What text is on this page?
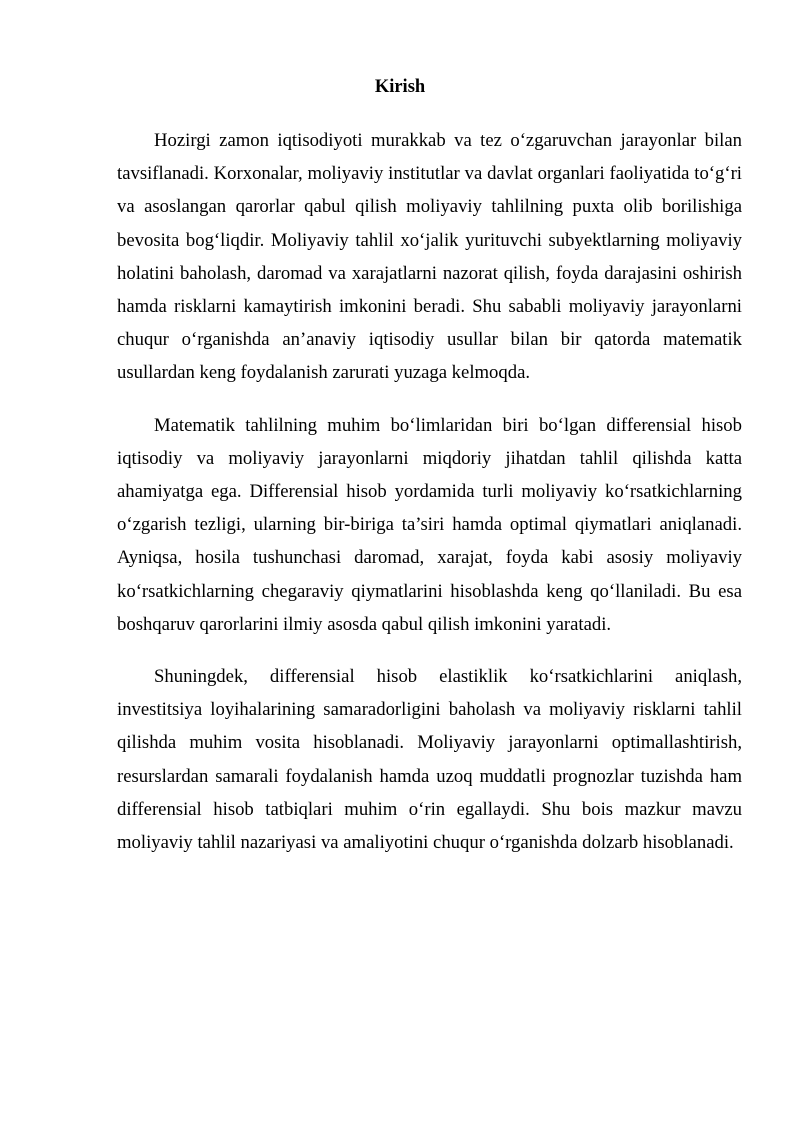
Kirish

Hozirgi zamon iqtisodiyoti murakkab va tez o‘zgaruvchan jarayonlar bilan tavsiflanadi. Korxonalar, moliyaviy institutlar va davlat organlari faoliyatida to‘g‘ri va asoslangan qarorlar qabul qilish moliyaviy tahlilning puxta olib borilishiga bevosita bog‘liqdir. Moliyaviy tahlil xo‘jalik yurituvchi subyektlarning moliyaviy holatini baholash, daromad va xarajatlarni nazorat qilish, foyda darajasini oshirish hamda risklarni kamaytirish imkonini beradi. Shu sababli moliyaviy jarayonlarni chuqur o‘rganishda an’anaviy iqtisodiy usullar bilan bir qatorda matematik usullardan keng foydalanish zarurati yuzaga kelmoqda.

Matematik tahlilning muhim bo‘limlaridan biri bo‘lgan differensial hisob iqtisodiy va moliyaviy jarayonlarni miqdoriy jihatdan tahlil qilishda katta ahamiyatga ega. Differensial hisob yordamida turli moliyaviy ko‘rsatkichlarning o‘zgarish tezligi, ularning bir-biriga ta’siri hamda optimal qiymatlari aniqlanadi. Ayniqsa, hosila tushunchasi daromad, xarajat, foyda kabi asosiy moliyaviy ko‘rsatkichlarning chegaraviy qiymatlarini hisoblashda keng qo‘llaniladi. Bu esa boshqaruv qarorlarini ilmiy asosda qabul qilish imkonini yaratadi.

Shuningdek, differensial hisob elastiklik ko‘rsatkichlarini aniqlash, investitsiya loyihalarining samaradorligini baholash va moliyaviy risklarni tahlil qilishda muhim vosita hisoblanadi. Moliyaviy jarayonlarni optimallashtirish, resurslardan samarali foydalanish hamda uzoq muddatli prognozlar tuzishda ham differensial hisob tatbiqlari muhim o‘rin egallaydi. Shu bois mazkur mavzu moliyaviy tahlil nazariyasi va amaliyotini chuqur o‘rganishda dolzarb hisoblanadi.
